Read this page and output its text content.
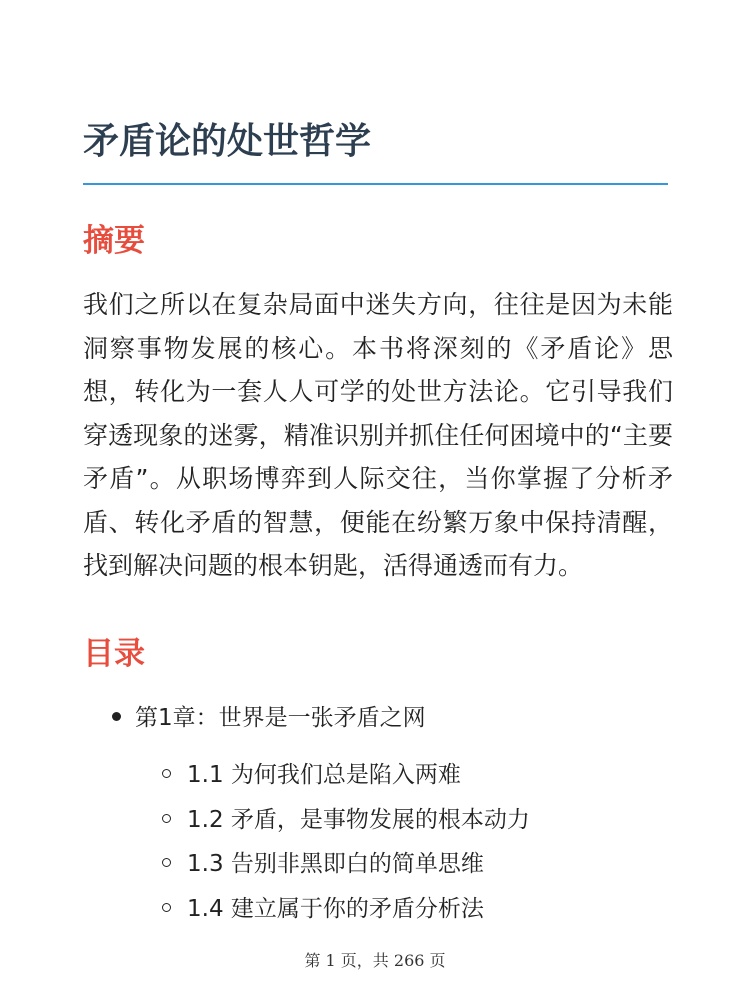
矛盾论的处世哲学
摘要

我们之所以在复杂局面中迷失方向，往往是因为未能洞察事物发展的核心。本书将深刻的《矛盾论》思想，转化为一套人人可学的处世方法论。它引导我们穿透现象的迷雾，精准识别并抓住任何困境中的“主要矛盾”。从职场博弈到人际交往，当你掌握了分析矛盾、转化矛盾的智慧，便能在纷繁万象中保持清醒，找到解决问题的根本钥匙，活得通透而有力。

目录
第1章：世界是一张矛盾之网
1.1 为何我们总是陷入两难
1.2 矛盾，是事物发展的根本动力
1.3 告别非黑即白的简单思维
1.4 建立属于你的矛盾分析法
第 1 页，共 266 页
